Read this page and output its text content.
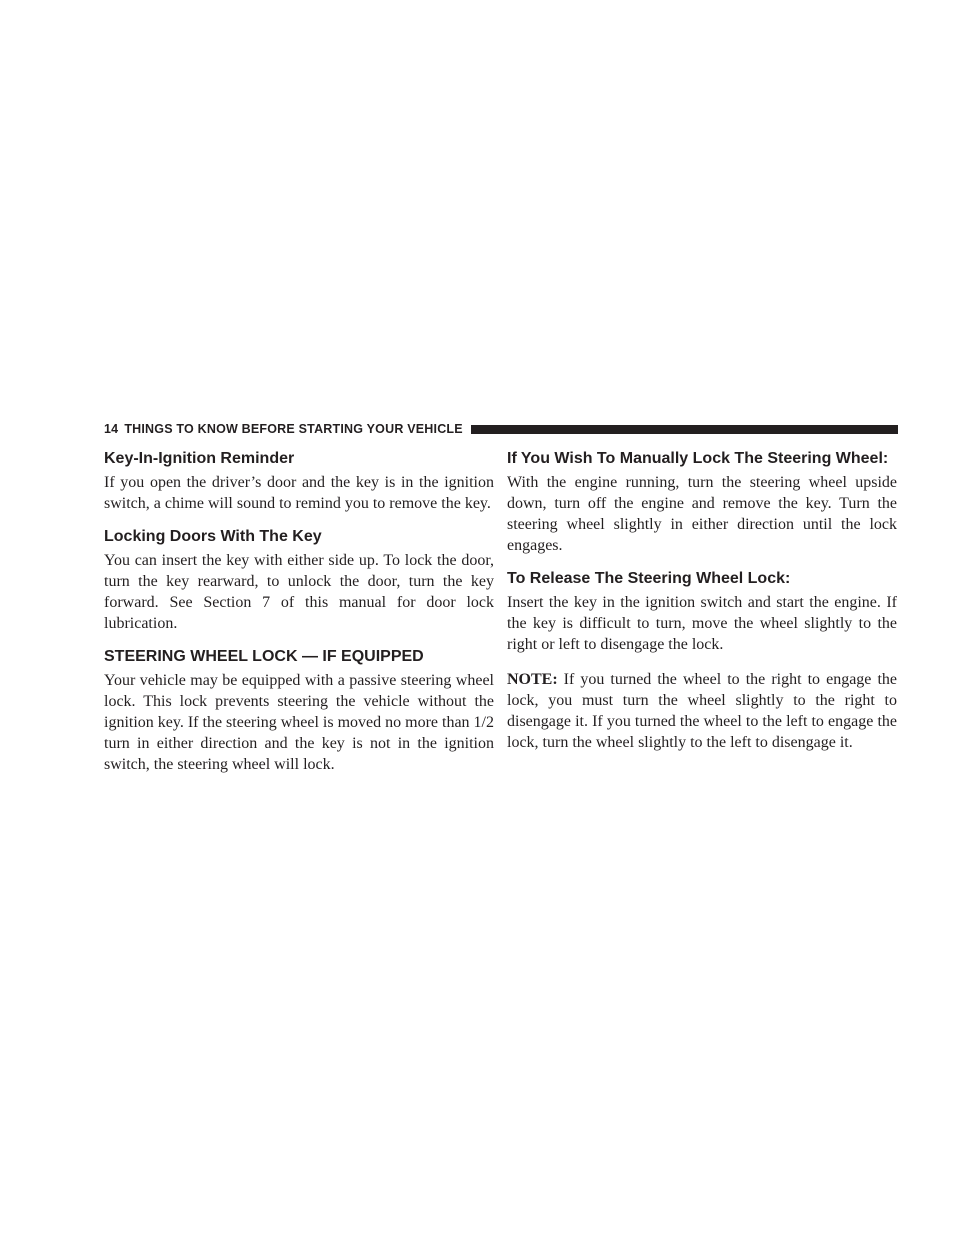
14 THINGS TO KNOW BEFORE STARTING YOUR VEHICLE
Key-In-Ignition Reminder

If you open the driver’s door and the key is in the ignition switch, a chime will sound to remind you to remove the key.

Locking Doors With The Key

You can insert the key with either side up. To lock the door, turn the key rearward, to unlock the door, turn the key forward. See Section 7 of this manual for door lock lubrication.

STEERING WHEEL LOCK — IF EQUIPPED

Your vehicle may be equipped with a passive steering wheel lock. This lock prevents steering the vehicle without the ignition key. If the steering wheel is moved no more than 1/2 turn in either direction and the key is not in the ignition switch, the steering wheel will lock.

If You Wish To Manually Lock The Steering Wheel:

With the engine running, turn the steering wheel upside down, turn off the engine and remove the key. Turn the steering wheel slightly in either direction until the lock engages.

To Release The Steering Wheel Lock:

Insert the key in the ignition switch and start the engine. If the key is difficult to turn, move the wheel slightly to the right or left to disengage the lock.

NOTE: If you turned the wheel to the right to engage the lock, you must turn the wheel slightly to the right to disengage it. If you turned the wheel to the left to engage the lock, turn the wheel slightly to the left to disengage it.
